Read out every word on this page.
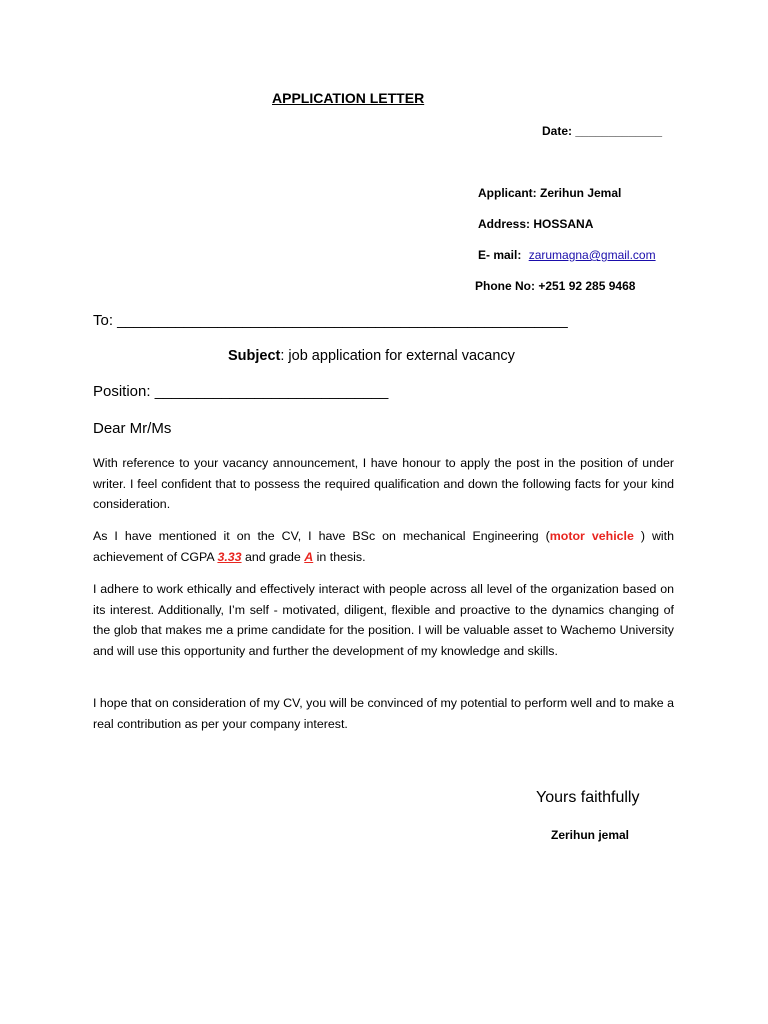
APPLICATION LETTER
Date: _____________
Applicant: Zerihun Jemal
Address: HOSSANA
E- mail: zarumagna@gmail.com
Phone No: +251 92 285 9468
To: ______________________________________________________
Subject: job application for external vacancy
Position: ____________________________
Dear Mr/Ms
With reference to your vacancy announcement, I have honour to apply the post in the position of under writer. I feel confident that to possess the required qualification and down the following facts for your kind consideration.
As I have mentioned it on the CV, I have BSc on mechanical Engineering (motor vehicle ) with achievement of CGPA 3.33 and grade A in thesis.
I adhere to work ethically and effectively interact with people across all level of the organization based on its interest. Additionally, I’m self - motivated, diligent, flexible and proactive to the dynamics changing of the glob that makes me a prime candidate for the position. I will be valuable asset to Wachemo University and will use this opportunity and further the development of my knowledge and skills.
I hope that on consideration of my CV, you will be convinced of my potential to perform well and to make a real contribution as per your company interest.
Yours faithfully
Zerihun jemal
